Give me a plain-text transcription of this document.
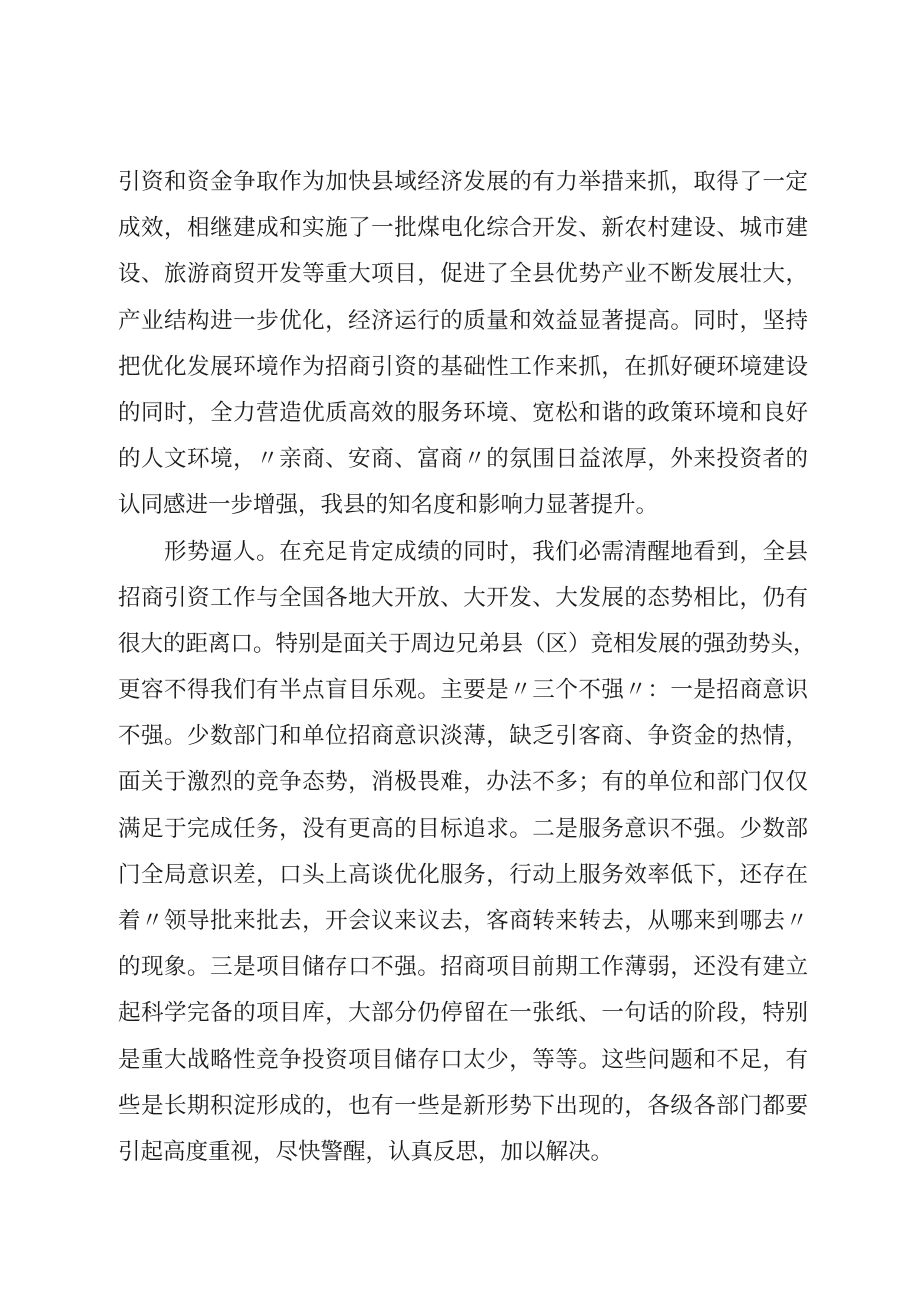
引资和资金争取作为加快县域经济发展的有力举措来抓，取得了一定
成效，相继建成和实施了一批煤电化综合开发、新农村建设、城市建
设、旅游商贸开发等重大项目，促进了全县优势产业不断发展壮大，
产业结构进一步优化，经济运行的质量和效益显著提高。同时，坚持
把优化发展环境作为招商引资的基础性工作来抓，在抓好硬环境建设
的同时，全力营造优质高效的服务环境、宽松和谐的政策环境和良好
的人文环境，〃亲商、安商、富商〃的氛围日益浓厚，外来投资者的
认同感进一步增强，我县的知名度和影响力显著提升。
形势逼人。在充足肯定成绩的同时，我们必需清醒地看到，全县
招商引资工作与全国各地大开放、大开发、大发展的态势相比，仍有
很大的距离口。特别是面关于周边兄弟县（区）竞相发展的强劲势头，
更容不得我们有半点盲目乐观。主要是〃三个不强〃：一是招商意识
不强。少数部门和单位招商意识淡薄，缺乏引客商、争资金的热情，
面关于激烈的竞争态势，消极畏难，办法不多；有的单位和部门仅仅
满足于完成任务，没有更高的目标追求。二是服务意识不强。少数部
门全局意识差，口头上高谈优化服务，行动上服务效率低下，还存在
着〃领导批来批去，开会议来议去，客商转来转去，从哪来到哪去〃
的现象。三是项目储存口不强。招商项目前期工作薄弱，还没有建立
起科学完备的项目库，大部分仍停留在一张纸、一句话的阶段，特别
是重大战略性竞争投资项目储存口太少，等等。这些问题和不足，有
些是长期积淀形成的，也有一些是新形势下出现的，各级各部门都要
引起高度重视，尽快警醒，认真反思，加以解决。
